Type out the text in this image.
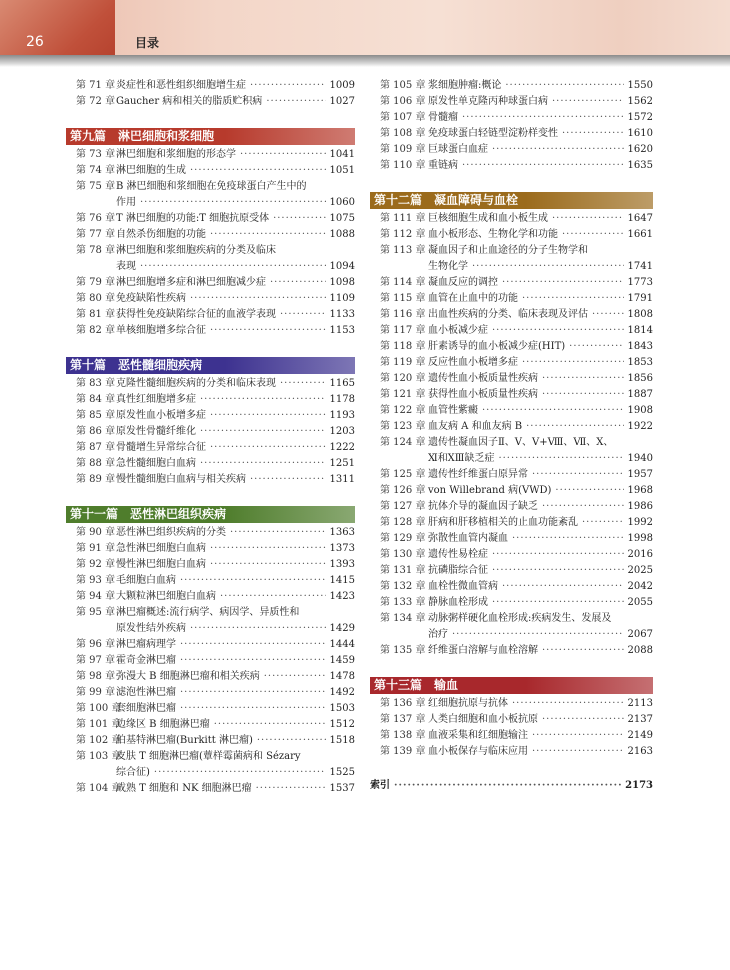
26	目录
第 71 章 炎症性和恶性组织细胞增生症 ·····	1009
第 72 章 Gaucher 病和相关的脂质贮积病 ·····	1027
第九篇 淋巴细胞和浆细胞
第 73 章 淋巴细胞和浆细胞的形态学 ·····	1041
第 74 章 淋巴细胞的生成 ·····	1051
第 75 章 B 淋巴细胞和浆细胞在免疫球蛋白产生中的
作用 ·····	1060
第 76 章 T 淋巴细胞的功能:T 细胞抗原受体 ·····	1075
第 77 章 自然杀伤细胞的功能 ·····	1088
第 78 章 淋巴细胞和浆细胞疾病的分类及临床
表现 ·····	1094
第 79 章 淋巴细胞增多症和淋巴细胞减少症 ·····	1098
第 80 章 免疫缺陷性疾病 ·····	1109
第 81 章 获得性免疫缺陷综合征的血液学表现 ·····	1133
第 82 章 单核细胞增多综合征 ·····	1153
第十篇 恶性髓细胞疾病
第 83 章 克隆性髓细胞疾病的分类和临床表现 ·····	1165
第 84 章 真性红细胞增多症 ·····	1178
第 85 章 原发性血小板增多症 ·····	1193
第 86 章 原发性骨髓纤维化 ·····	1203
第 87 章 骨髓增生异常综合征 ·····	1222
第 88 章 急性髓细胞白血病 ·····	1251
第 89 章 慢性髓细胞白血病与相关疾病 ·····	1311
第十一篇 恶性淋巴组织疾病
第 90 章 恶性淋巴组织疾病的分类 ·····	1363
第 91 章 急性淋巴细胞白血病 ·····	1373
第 92 章 慢性淋巴细胞白血病 ·····	1393
第 93 章 毛细胞白血病 ·····	1415
第 94 章 大颗粒淋巴细胞白血病 ·····	1423
第 95 章 淋巴瘤概述:流行病学、病因学、异质性和
原发性结外疾病 ·····	1429
第 96 章 淋巴瘤病理学 ·····	1444
第 97 章 霍奇金淋巴瘤 ·····	1459
第 98 章 弥漫大 B 细胞淋巴瘤和相关疾病 ·····	1478
第 99 章 滤泡性淋巴瘤 ·····	1492
第 100 章
套细胞淋巴瘤 ·····	1503
第 101 章
边缘区 B 细胞淋巴瘤 ·····	1512
第 102 章
伯基特淋巴瘤(Burkitt 淋巴瘤) ·····	1518
第 103 章
皮肤 T 细胞淋巴瘤(蕈样霉菌病和 Sézary
综合征) ·····	1525
第 104 章
成熟 T 细胞和 NK 细胞淋巴瘤 ·····	1537
第 105 章 浆细胞肿瘤:概论 ·····	1550
第 106 章 原发性单克隆丙种球蛋白病 ·····	1562
第 107 章 骨髓瘤 ·····	1572
第 108 章 免疫球蛋白轻链型淀粉样变性 ·····	1610
第 109 章 巨球蛋白血症 ·····	1620
第 110 章 重链病 ·····	1635
第十二篇 凝血障碍与血栓
第 111 章 巨核细胞生成和血小板生成 ·····	1647
第 112 章 血小板形态、生物化学和功能 ·····	1661
第 113 章 凝血因子和止血途径的分子生物学和
生物化学 ·····	1741
第 114 章 凝血反应的调控 ·····	1773
第 115 章 血管在止血中的功能 ·····	1791
第 116 章 出血性疾病的分类、临床表现及评估 ·····	1808
第 117 章 血小板减少症 ·····	1814
第 118 章 肝素诱导的血小板减少症(HIT) ·····	1843
第 119 章 反应性血小板增多症 ·····	1853
第 120 章 遗传性血小板质量性疾病 ·····	1856
第 121 章 获得性血小板质量性疾病 ·····	1887
第 122 章 血管性紫癜 ·····	1908
第 123 章 血友病 A 和血友病 B ·····	1922
第 124 章 遗传性凝血因子Ⅱ、Ⅴ、Ⅴ+Ⅷ、Ⅶ、Ⅹ、
Ⅺ和ⅩⅢ缺乏症 ·····	1940
第 125 章 遗传性纤维蛋白原异常 ·····	1957
第 126 章 von Willebrand 病(VWD) ·····	1968
第 127 章 抗体介导的凝血因子缺乏 ·····	1986
第 128 章 肝病和肝移植相关的止血功能紊乱 ·····	1992
第 129 章 弥散性血管内凝血 ·····	1998
第 130 章 遗传性易栓症 ·····	2016
第 131 章 抗磷脂综合征 ·····	2025
第 132 章 血栓性微血管病 ·····	2042
第 133 章 静脉血栓形成 ·····	2055
第 134 章 动脉粥样硬化血栓形成:疾病发生、发展及
治疗 ·····	2067
第 135 章 纤维蛋白溶解与血栓溶解 ·····	2088
第十三篇 输血
第 136 章 红细胞抗原与抗体 ·····	2113
第 137 章 人类白细胞和血小板抗原 ·····	2137
第 138 章 血液采集和红细胞输注 ·····	2149
第 139 章 血小板保存与临床应用 ·····	2163
索引 ·····	2173
